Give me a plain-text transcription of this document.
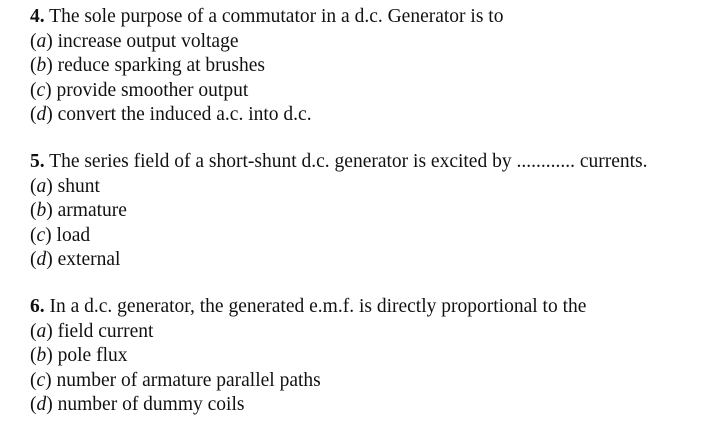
4. The sole purpose of a commutator in a d.c. Generator is to
(a) increase output voltage
(b) reduce sparking at brushes
(c) provide smoother output
(d) convert the induced a.c. into d.c.
5. The series field of a short-shunt d.c. generator is excited by ............ currents.
(a) shunt
(b) armature
(c) load
(d) external
6. In a d.c. generator, the generated e.m.f. is directly proportional to the
(a) field current
(b) pole flux
(c) number of armature parallel paths
(d) number of dummy coils
